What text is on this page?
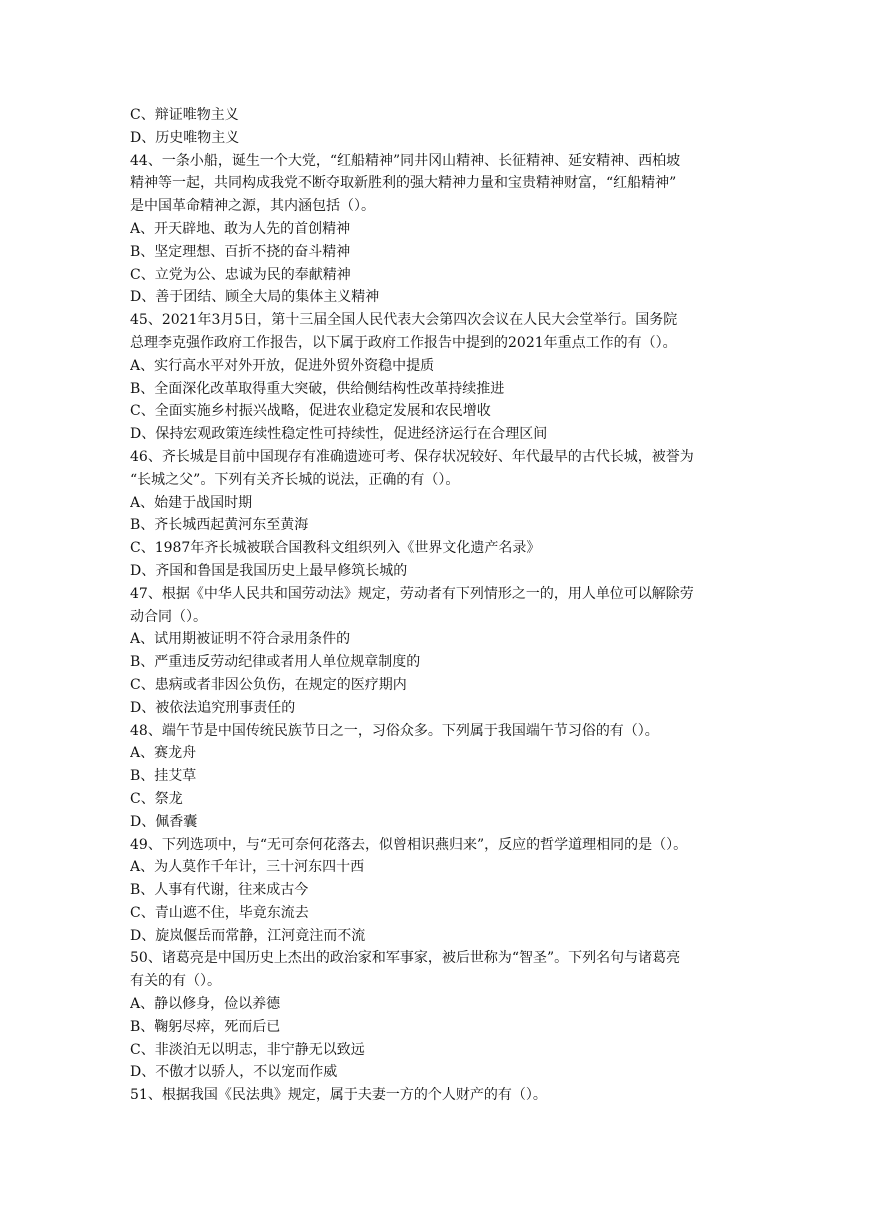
C、辩证唯物主义
D、历史唯物主义
44、一条小船，诞生一个大党，“红船精神”同井冈山精神、长征精神、延安精神、西柏坡
精神等一起，共同构成我党不断夺取新胜利的强大精神力量和宝贵精神财富，“红船精神”
是中国革命精神之源，其内涵包括（）。
A、开天辟地、敢为人先的首创精神
B、坚定理想、百折不挠的奋斗精神
C、立党为公、忠诚为民的奉献精神
D、善于团结、顾全大局的集体主义精神
45、2021年3月5日，第十三届全国人民代表大会第四次会议在人民大会堂举行。国务院
总理李克强作政府工作报告，以下属于政府工作报告中提到的2021年重点工作的有（）。
A、实行高水平对外开放，促进外贸外资稳中提质
B、全面深化改革取得重大突破，供给侧结构性改革持续推进
C、全面实施乡村振兴战略，促进农业稳定发展和农民增收
D、保持宏观政策连续性稳定性可持续性，促进经济运行在合理区间
46、齐长城是目前中国现存有准确遗迹可考、保存状况较好、年代最早的古代长城，被誉为
“长城之父”。下列有关齐长城的说法，正确的有（）。
A、始建于战国时期
B、齐长城西起黄河东至黄海
C、1987年齐长城被联合国教科文组织列入《世界文化遗产名录》
D、齐国和鲁国是我国历史上最早修筑长城的
47、根据《中华人民共和国劳动法》规定，劳动者有下列情形之一的，用人单位可以解除劳
动合同（）。
A、试用期被证明不符合录用条件的
B、严重违反劳动纪律或者用人单位规章制度的
C、患病或者非因公负伤，在规定的医疗期内
D、被依法追究刑事责任的
48、端午节是中国传统民族节日之一，习俗众多。下列属于我国端午节习俗的有（）。
A、赛龙舟
B、挂艾草
C、祭龙
D、佩香囊
49、下列选项中，与“无可奈何花落去，似曾相识燕归来”，反应的哲学道理相同的是（）。
A、为人莫作千年计，三十河东四十西
B、人事有代谢，往来成古今
C、青山遮不住，毕竟东流去
D、旋岚偃岳而常静，江河竟注而不流
50、诸葛亮是中国历史上杰出的政治家和军事家，被后世称为“智圣”。下列名句与诸葛亮
有关的有（）。
A、静以修身，俭以养德
B、鞠躬尽瘁，死而后已
C、非淡泊无以明志，非宁静无以致远
D、不傲才以骄人，不以宠而作威
51、根据我国《民法典》规定，属于夫妻一方的个人财产的有（）。
